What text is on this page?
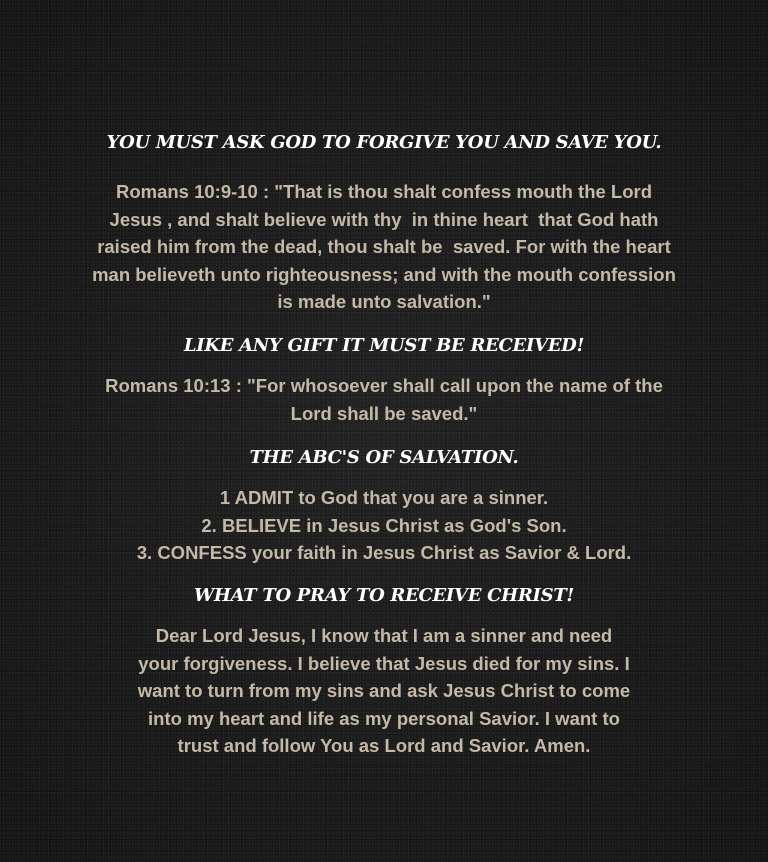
YOU MUST ASK GOD TO FORGIVE YOU AND SAVE YOU.
Romans 10:9-10 : "That is thou shalt confess mouth the Lord
Jesus , and shalt believe with thy  in thine heart  that God hath
raised him from the dead, thou shalt be  saved. For with the heart
man believeth unto righteousness; and with the mouth confession
is made unto salvation."
LIKE ANY GIFT IT MUST BE RECEIVED!
Romans 10:13 : "For whosoever shall call upon the name of the
Lord shall be saved."
THE ABC'S OF SALVATION.
1 ADMIT to God that you are a sinner.
2. BELIEVE in Jesus Christ as God's Son.
3. CONFESS your faith in Jesus Christ as Savior & Lord.
WHAT TO PRAY TO RECEIVE CHRIST!
Dear Lord Jesus, I know that I am a sinner and need
your forgiveness. I believe that Jesus died for my sins. I
want to turn from my sins and ask Jesus Christ to come
into my heart and life as my personal Savior. I want to
trust and follow You as Lord and Savior. Amen.
